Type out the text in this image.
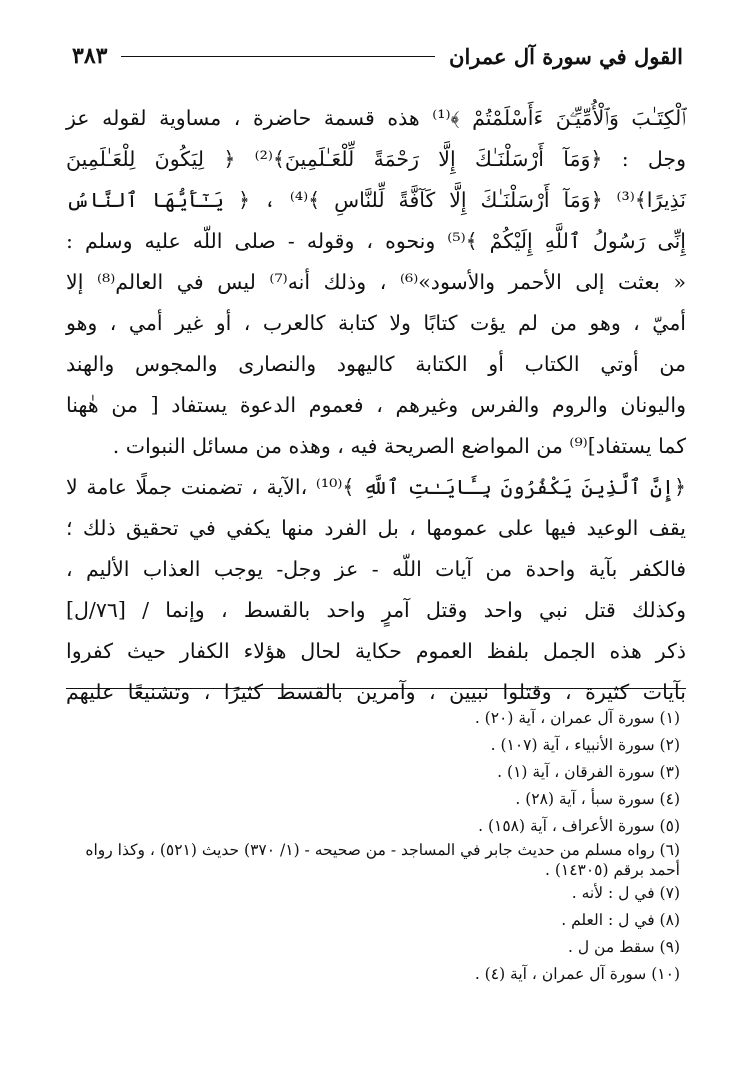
القول في سورة آل عمران
٣٨٣
ٱلْكِتَـٰبَ وَٱلْأُمِّيِّـۧنَ ءَأَسْلَمْتُمْ ﴾⁽¹⁾ هذه قسمة حاضرة ، مساوية لقوله عز
وجل : ﴿وَمَآ أَرْسَلْنَـٰكَ إِلَّا رَحْمَةً لِّلْعَـٰلَمِينَ﴾⁽²⁾ ﴿ لِيَكُونَ لِلْعَـٰلَمِينَ
نَذِيرًا﴾⁽³⁾ ﴿وَمَآ أَرْسَلْنَـٰكَ إِلَّا كَآفَّةً لِّلنَّاسِ ﴾⁽⁴⁾ ، ﴿ يَـٰٓأَيُّهَا ٱلنَّاسُ
إِنِّى رَسُولُ ٱللَّهِ إِلَيْكُمْ ﴾⁽⁵⁾ ونحوه ، وقوله - صلى اللّه عليه وسلم :
« بعثت إلى الأحمر والأسود»⁽⁶⁾ ، وذلك أنه⁽⁷⁾ ليس في العالم⁽⁸⁾ إلا
أميّ ، وهو من لم يؤت كتابًا ولا كتابة كالعرب ، أو غير أمي ، وهو
من أوتي الكتاب أو الكتابة كاليهود والنصارى والمجوس والهند
واليونان والروم والفرس وغيرهم ، فعموم الدعوة يستفاد [ من هٰهنا
كما يستفاد]⁽⁹⁾ من المواضع الصريحة فيه ، وهذه من مسائل النبوات .
﴿إِنَّ ٱلَّذِينَ يَكْفُرُونَ بِـَٔايَـٰتِ ٱللَّهِ ﴾⁽¹⁰⁾ ،الآية ، تضمنت جملًا عامة لا
يقف الوعيد فيها على عمومها ، بل الفرد منها يكفي في تحقيق ذلك ؛
فالكفر بآية واحدة من آيات اللّه - عز وجل- يوجب العذاب الأليم ،
وكذلك قتل نبي واحد وقتل آمرٍ واحد بالقسط ، وإنما / [٧٦/ل]
ذكر هذه الجمل بلفظ العموم حكاية لحال هؤلاء الكفار حيث كفروا
بآيات كثيرة ، وقتلوا نبيين ، وآمرين بالقسط كثيرًا ، وتشنيعًا عليهم
(١) سورة آل عمران ، آية (٢٠) .
(٢) سورة الأنبياء ، آية (١٠٧) .
(٣) سورة الفرقان ، آية (١) .
(٤) سورة سبأ ، آية (٢٨) .
(٥) سورة الأعراف ، آية (١٥٨) .
(٦) رواه مسلم من حديث جابر في المساجد - من صحيحه - (١/ ٣٧٠) حديث (٥٢١) ، وكذا رواه أحمد برقم (١٤٣٠٥) .
(٧) في ل : لأنه .
(٨) في ل : العلم .
(٩) سقط من ل .
(١٠) سورة آل عمران ، آية (٤) .
